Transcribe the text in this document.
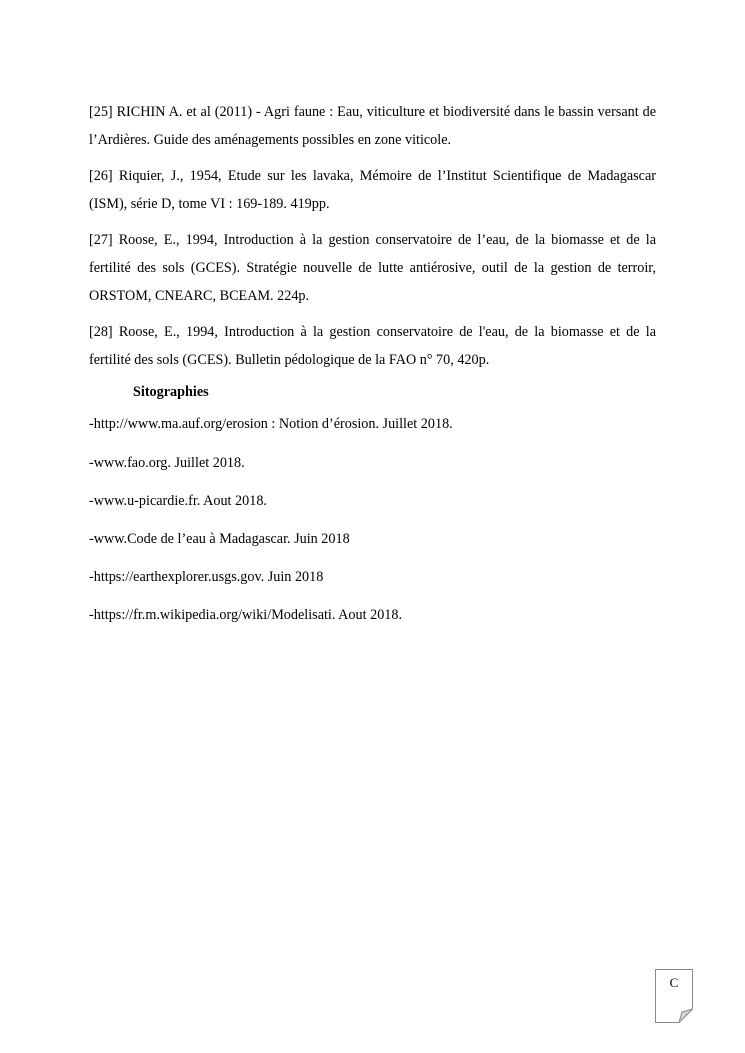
[25] RICHIN A. et al (2011) - Agri faune : Eau, viticulture et biodiversité dans le bassin versant de l’Ardières. Guide des aménagements possibles en zone viticole.

[26] Riquier, J., 1954, Etude sur les lavaka, Mémoire de l’Institut Scientifique de Madagascar (ISM), série D, tome VI : 169-189. 419pp.

[27] Roose, E., 1994, Introduction à la gestion conservatoire de l’eau, de la biomasse et de la fertilité des sols (GCES). Stratégie nouvelle de lutte antiérosive, outil de la gestion de terroir, ORSTOM, CNEARC, BCEAM. 224p.

[28] Roose, E., 1994, Introduction à la gestion conservatoire de l'eau, de la biomasse et de la fertilité des sols (GCES). Bulletin pédologique de la FAO n° 70, 420p.

Sitographies
-http://www.ma.auf.org/erosion : Notion d’érosion. Juillet 2018.
-www.fao.org. Juillet 2018.
-www.u-picardie.fr. Aout 2018.
-www.Code de l’eau à Madagascar. Juin 2018
-https://earthexplorer.usgs.gov. Juin 2018
-https://fr.m.wikipedia.org/wiki/Modelisati. Aout 2018.
C
